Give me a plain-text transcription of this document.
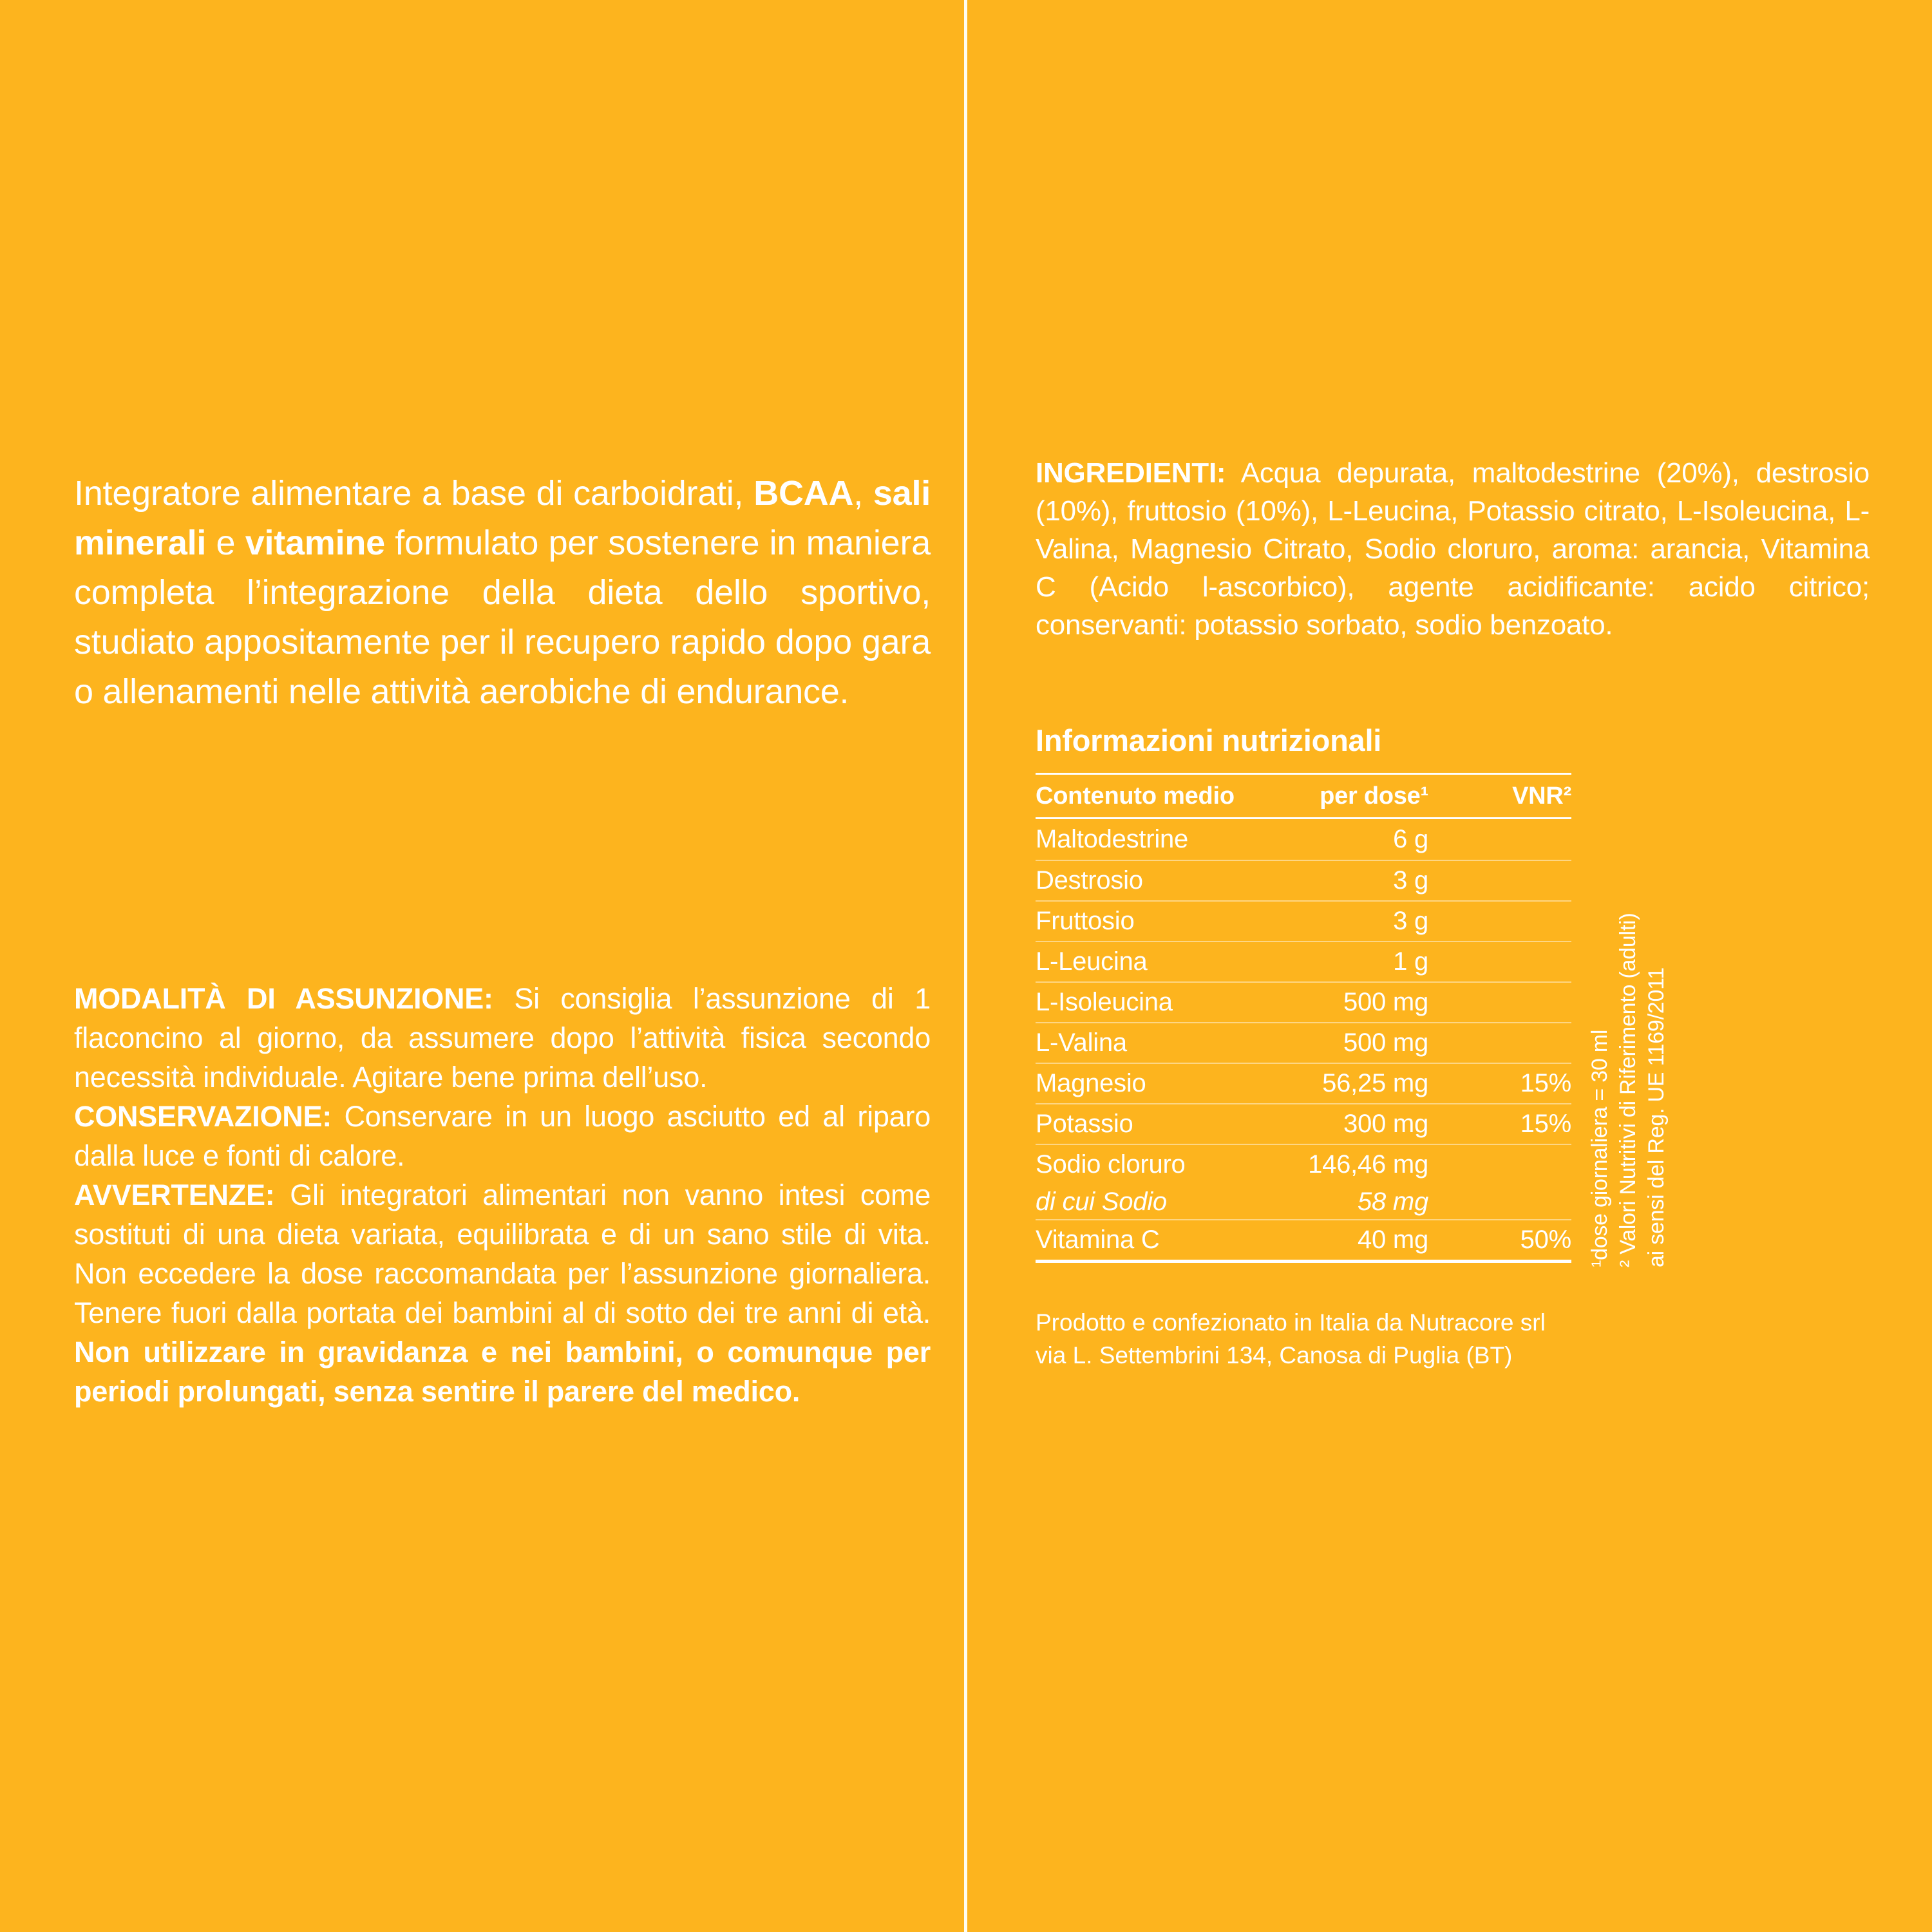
Integratore alimentare a base di carboidrati, BCAA, sali minerali e vitamine formulato per sostenere in maniera completa l’integrazione della dieta dello sportivo, studiato appositamente per il recupero rapido dopo gara o allenamenti nelle attività aerobiche di endurance.

MODALITÀ DI ASSUNZIONE: Si consiglia l’assunzione di 1 flaconcino al giorno, da assumere dopo l’attività fisica secondo necessità individuale. Agitare bene prima dell’uso.

CONSERVAZIONE: Conservare in un luogo asciutto ed al riparo dalla luce e fonti di calore.

AVVERTENZE: Gli integratori alimentari non vanno intesi come sostituti di una dieta variata, equilibrata e di un sano stile di vita. Non eccedere la dose raccomandata per l’assunzione giornaliera. Tenere fuori dalla portata dei bambini al di sotto dei tre anni di età. Non utilizzare in gravidanza e nei bambini, o comunque per periodi prolungati, senza sentire il parere del medico.

INGREDIENTI: Acqua depurata, maltodestrine (20%), destrosio (10%), fruttosio (10%), L-Leucina, Potassio citrato, L-Isoleucina, L-Valina, Magnesio Citrato, Sodio cloruro, aroma: arancia, Vitamina C (Acido l-ascorbico), agente acidificante: acido citrico; conservanti: potassio sorbato, sodio benzoato.
Informazioni nutrizionali
Contenuto medio	per dose¹	VNR²
Maltodestrine	6 g
Destrosio	3 g
Fruttosio	3 g
L-Leucina	1 g
L-Isoleucina	500 mg
L-Valina	500 mg
Magnesio	56,25 mg	15%
Potassio	300 mg	15%
Sodio cloruro	146,46 mg
di cui Sodio	58 mg
Vitamina C	40 mg	50% ¹dose giornaliera = 30 ml ² Valori Nutritivi di Riferimento (adulti) ai sensi del Reg. UE 1169/2011
Prodotto e confezionato in Italia da Nutracore srl
via L. Settembrini 134, Canosa di Puglia (BT)
